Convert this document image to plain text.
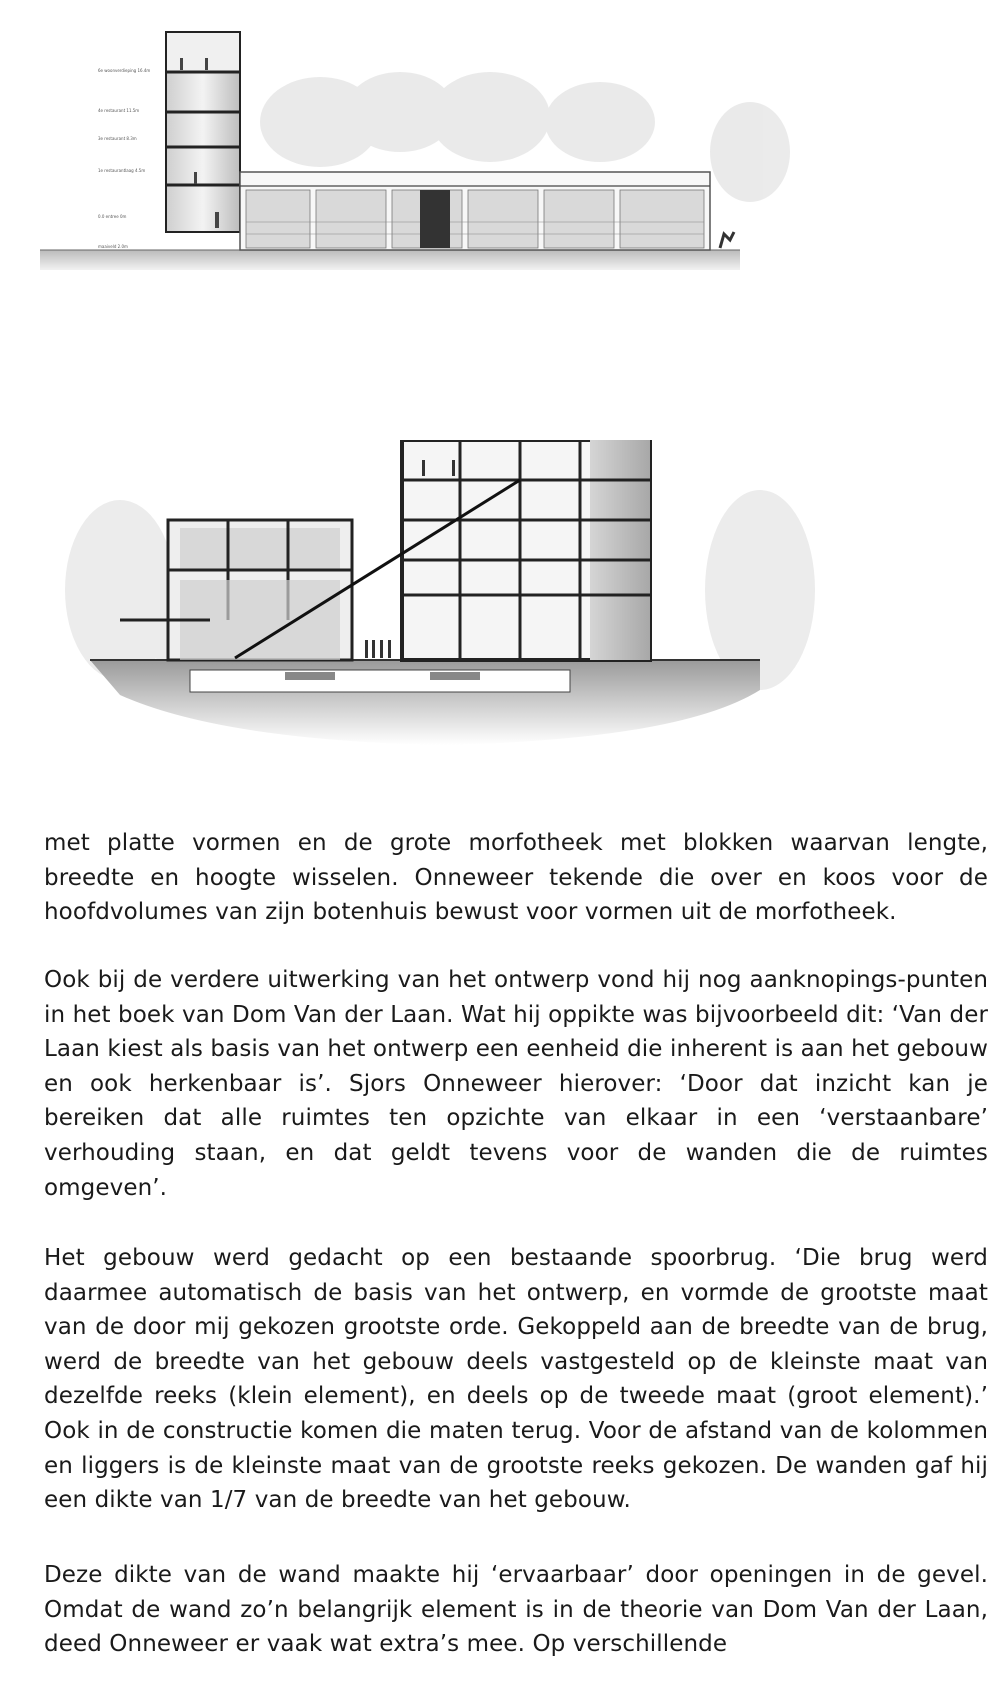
6e woonverdieping 16.4m
4e restaurant 11.5m
3e restaurant 8.3m
1e restaurantlaag 4.5m
0.0 entree 0m
maaiveld 2.0m

met platte vormen en de grote morfotheek met blokken waarvan lengte, breedte en hoogte wisselen. Onneweer tekende die over en koos voor de hoofdvolumes van zijn botenhuis bewust voor vormen uit de morfotheek.

Ook bij de verdere uitwerking van het ontwerp vond hij nog aanknopings-punten in het boek van Dom Van der Laan. Wat hij oppikte was bijvoorbeeld dit: ‘Van der Laan kiest als basis van het ontwerp een eenheid die inherent is aan het gebouw en ook herkenbaar is’. Sjors Onneweer hierover: ‘Door dat inzicht kan je bereiken dat alle ruimtes ten opzichte van elkaar in een ‘verstaanbare’ verhouding staan, en dat geldt tevens voor de wanden die de ruimtes omgeven’.

Het gebouw werd gedacht op een bestaande spoorbrug. ‘Die brug werd daarmee automatisch de basis van het ontwerp, en vormde de grootste maat van de door mij gekozen grootste orde. Gekoppeld aan de breedte van de brug, werd de breedte van het gebouw deels vastgesteld op de kleinste maat van dezelfde reeks (klein element), en deels op de tweede maat (groot element).’ Ook in de constructie komen die maten terug. Voor de afstand van de kolommen en liggers is de kleinste maat van de grootste reeks gekozen. De wanden gaf hij een dikte van 1/7 van de breedte van het gebouw.

Deze dikte van de wand maakte hij ‘ervaarbaar’ door openingen in de gevel. Omdat de wand zo’n belangrijk element is in de theorie van Dom Van der Laan, deed Onneweer er vaak wat extra’s mee. Op verschillende
